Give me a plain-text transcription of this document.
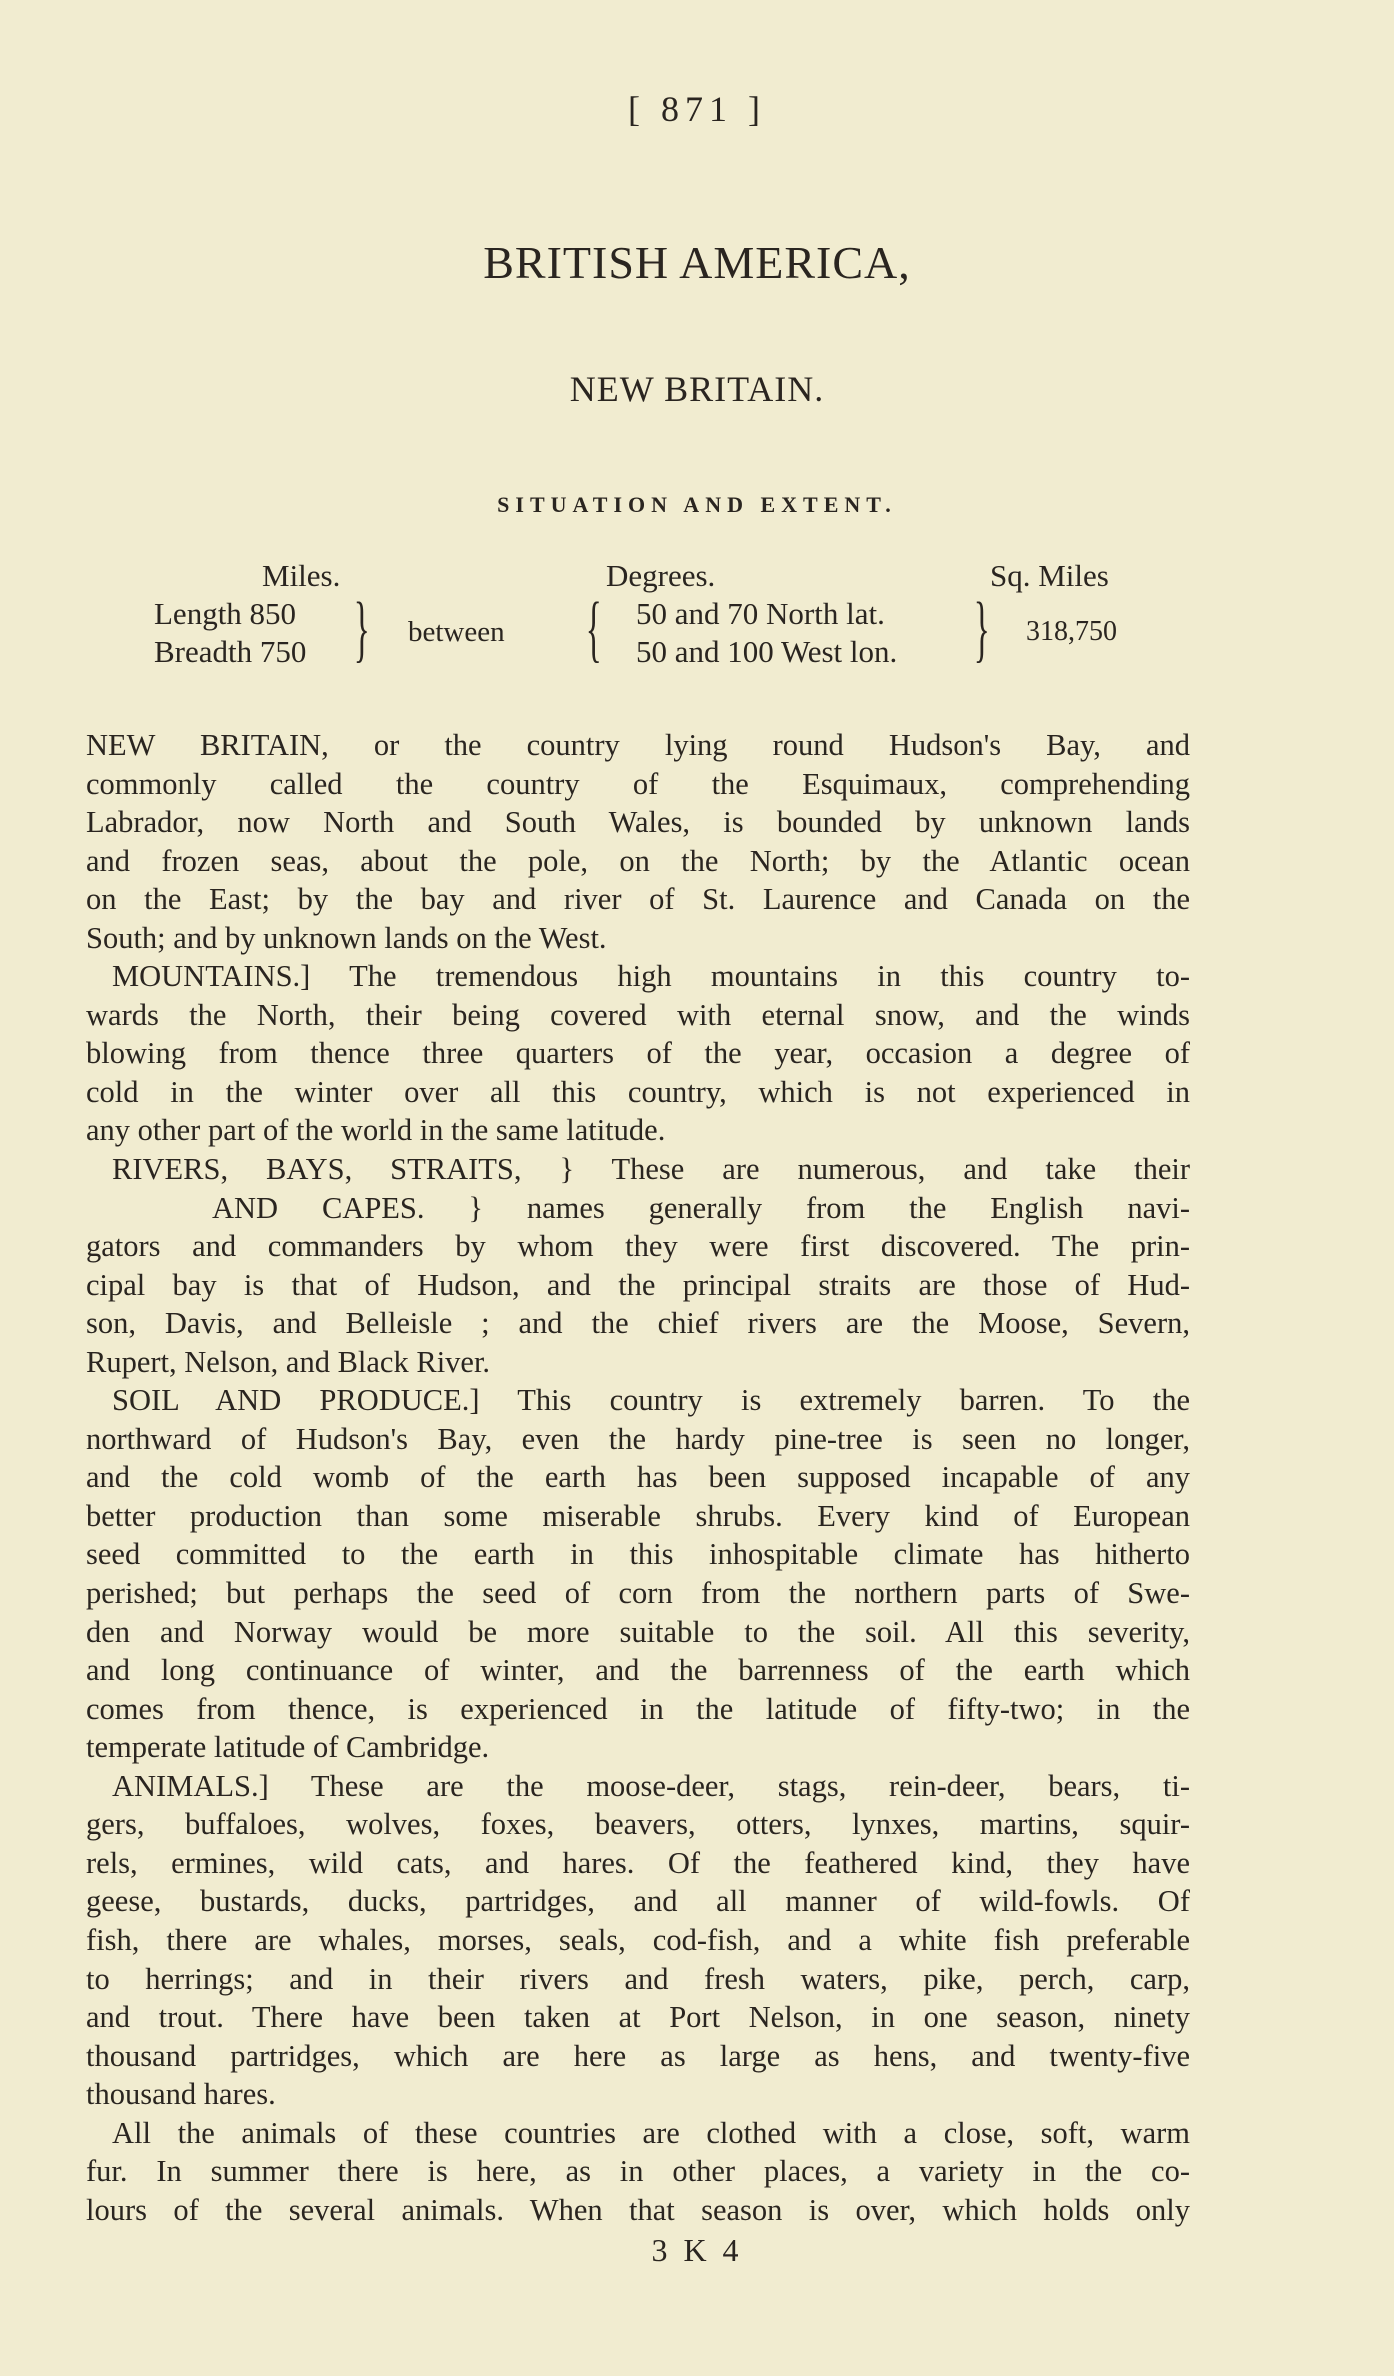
[ 871 ]
BRITISH AMERICA,
NEW BRITAIN.
SITUATION AND EXTENT.
Miles.	Degrees.	Sq. Miles
Length 850
Breadth 750 } between { 50 and 70 North lat.
50 and 100 West lon. } 318,750
NEW BRITAIN, or the country lying round Hudson's Bay, and
commonly called the country of the Esquimaux, comprehending
Labrador, now North and South Wales, is bounded by unknown lands
and frozen seas, about the pole, on the North; by the Atlantic ocean
on the East; by the bay and river of St. Laurence and Canada on the
South; and by unknown lands on the West.
MOUNTAINS.] The tremendous high mountains in this country to-
wards the North, their being covered with eternal snow, and the winds
blowing from thence three quarters of the year, occasion a degree of
cold in the winter over all this country, which is not experienced in
any other part of the world in the same latitude.
RIVERS, BAYS, STRAITS, } These are numerous, and take their
AND CAPES. } names generally from the English navi-
gators and commanders by whom they were first discovered. The prin-
cipal bay is that of Hudson, and the principal straits are those of Hud-
son, Davis, and Belleisle ; and the chief rivers are the Moose, Severn,
Rupert, Nelson, and Black River.
SOIL AND PRODUCE.] This country is extremely barren. To the
northward of Hudson's Bay, even the hardy pine-tree is seen no longer,
and the cold womb of the earth has been supposed incapable of any
better production than some miserable shrubs. Every kind of European
seed committed to the earth in this inhospitable climate has hitherto
perished; but perhaps the seed of corn from the northern parts of Swe-
den and Norway would be more suitable to the soil. All this severity,
and long continuance of winter, and the barrenness of the earth which
comes from thence, is experienced in the latitude of fifty-two; in the
temperate latitude of Cambridge.
ANIMALS.] These are the moose-deer, stags, rein-deer, bears, ti-
gers, buffaloes, wolves, foxes, beavers, otters, lynxes, martins, squir-
rels, ermines, wild cats, and hares. Of the feathered kind, they have
geese, bustards, ducks, partridges, and all manner of wild-fowls. Of
fish, there are whales, morses, seals, cod-fish, and a white fish preferable
to herrings; and in their rivers and fresh waters, pike, perch, carp,
and trout. There have been taken at Port Nelson, in one season, ninety
thousand partridges, which are here as large as hens, and twenty-five
thousand hares.
All the animals of these countries are clothed with a close, soft, warm
fur. In summer there is here, as in other places, a variety in the co-
lours of the several animals. When that season is over, which holds only
3 K 4
